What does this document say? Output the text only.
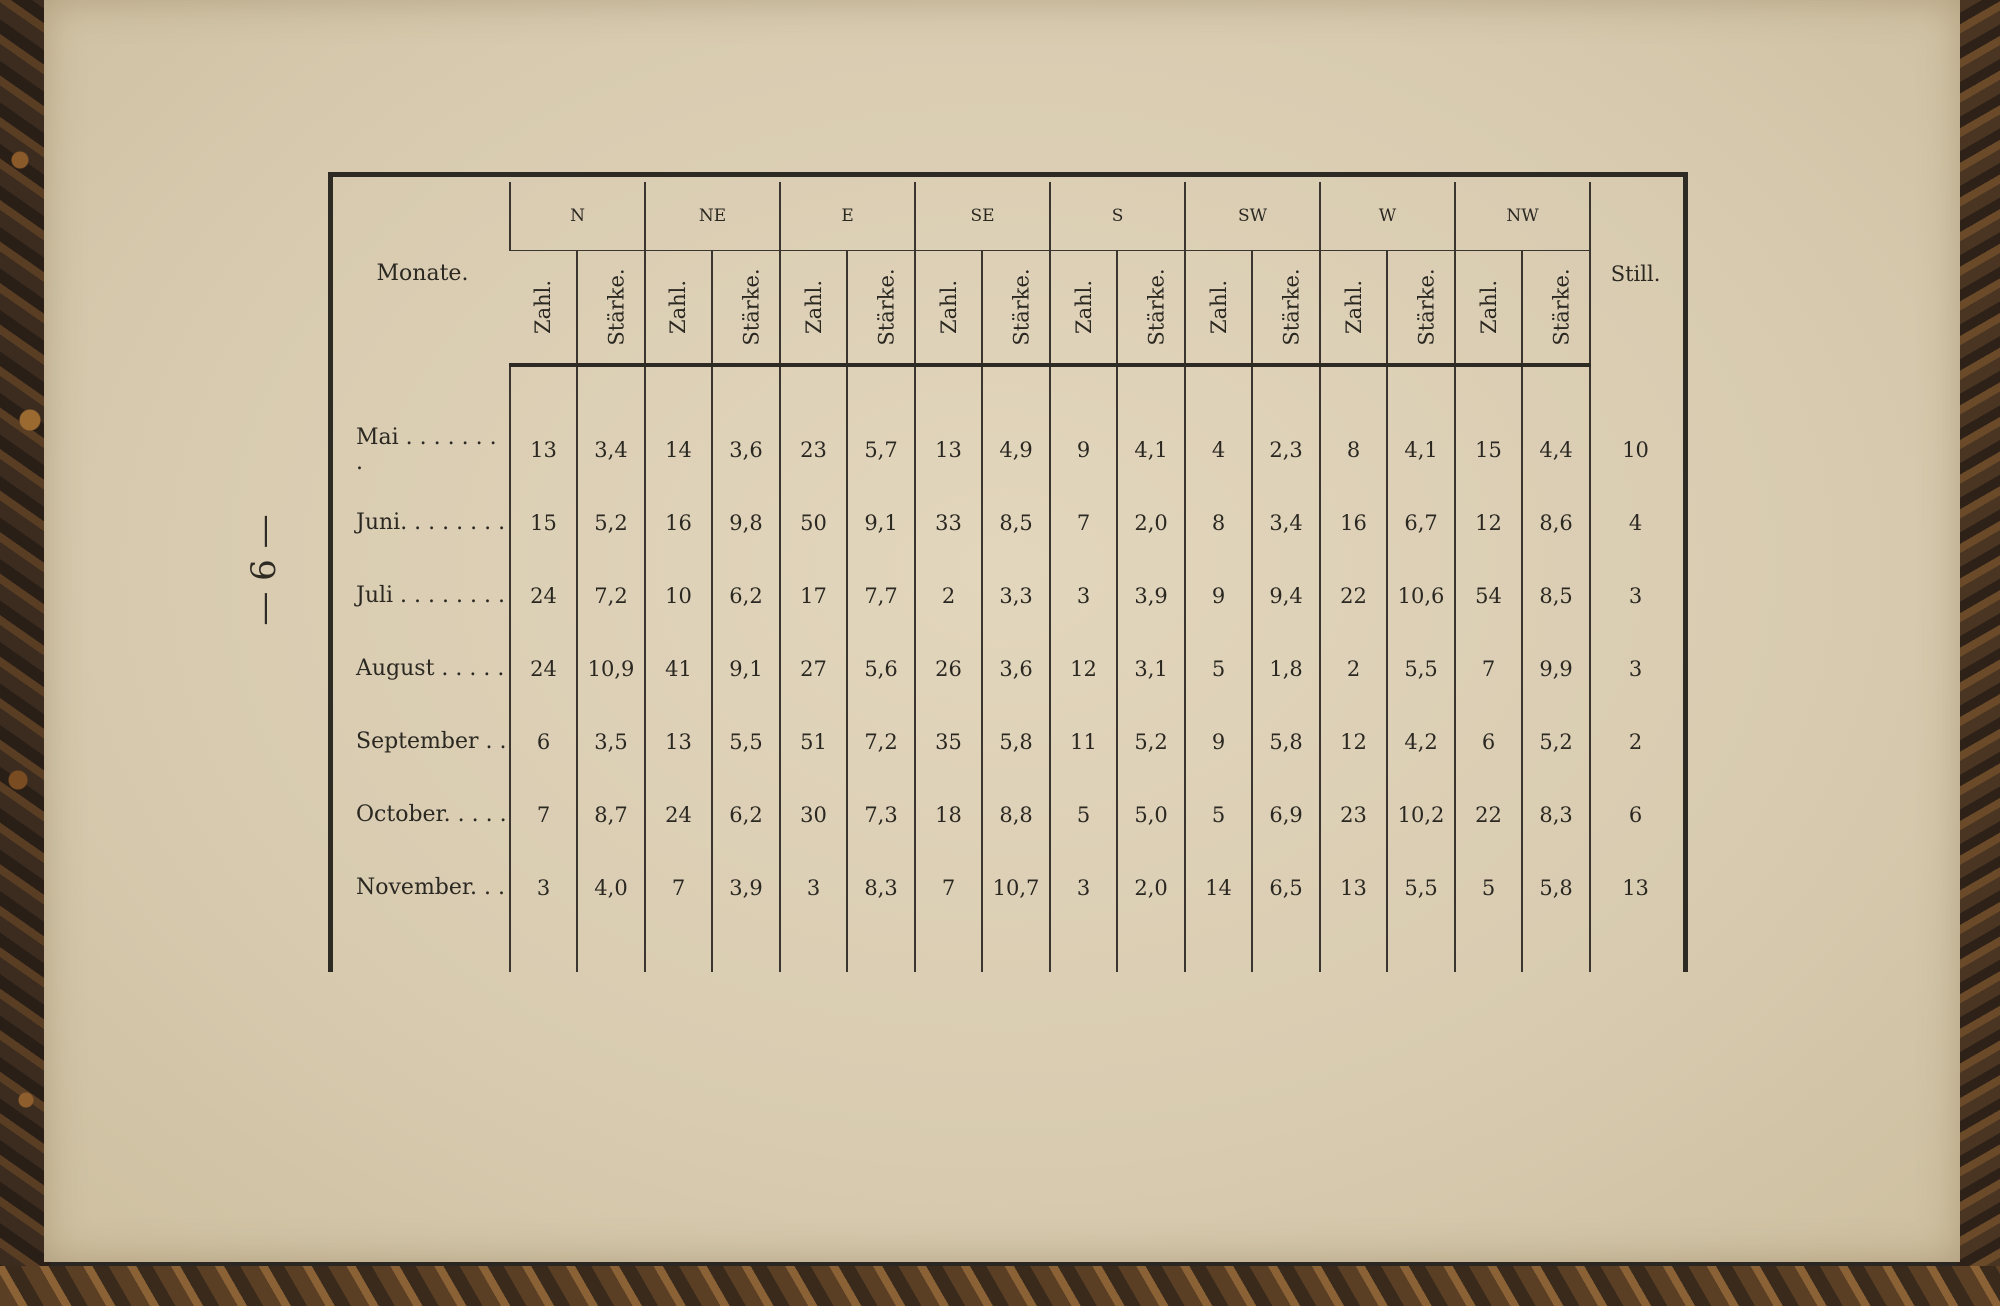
— 6 —
Monate.	N		NE		E		SE		S		SW		W		NW		Still.
	Zahl.	Stärke.	Zahl.	Stärke.	Zahl.	Stärke.	Zahl.	Stärke.	Zahl.	Stärke.	Zahl.	Stärke.	Zahl.	Stärke.	Zahl.	Stärke.	

Mai . . . . . . . .	13	3,4	14	3,6	23	5,7	13	4,9	9	4,1	4	2,3	8	4,1	15	4,4	10
Juni. . . . . . . .	15	5,2	16	9,8	50	9,1	33	8,5	7	2,0	8	3,4	16	6,7	12	8,6	4
Juli . . . . . . . .	24	7,2	10	6,2	17	7,7	2	3,3	3	3,9	9	9,4	22	10,6	54	8,5	3
August . . . . .	24	10,9	41	9,1	27	5,6	26	3,6	12	3,1	5	1,8	2	5,5	7	9,9	3
September . .	6	3,5	13	5,5	51	7,2	35	5,8	11	5,2	9	5,8	12	4,2	6	5,2	2
October. . . . .	7	8,7	24	6,2	30	7,3	18	8,8	5	5,0	5	6,9	23	10,2	22	8,3	6
November. . .	3	4,0	7	3,9	3	8,3	7	10,7	3	2,0	14	6,5	13	5,5	5	5,8	13
